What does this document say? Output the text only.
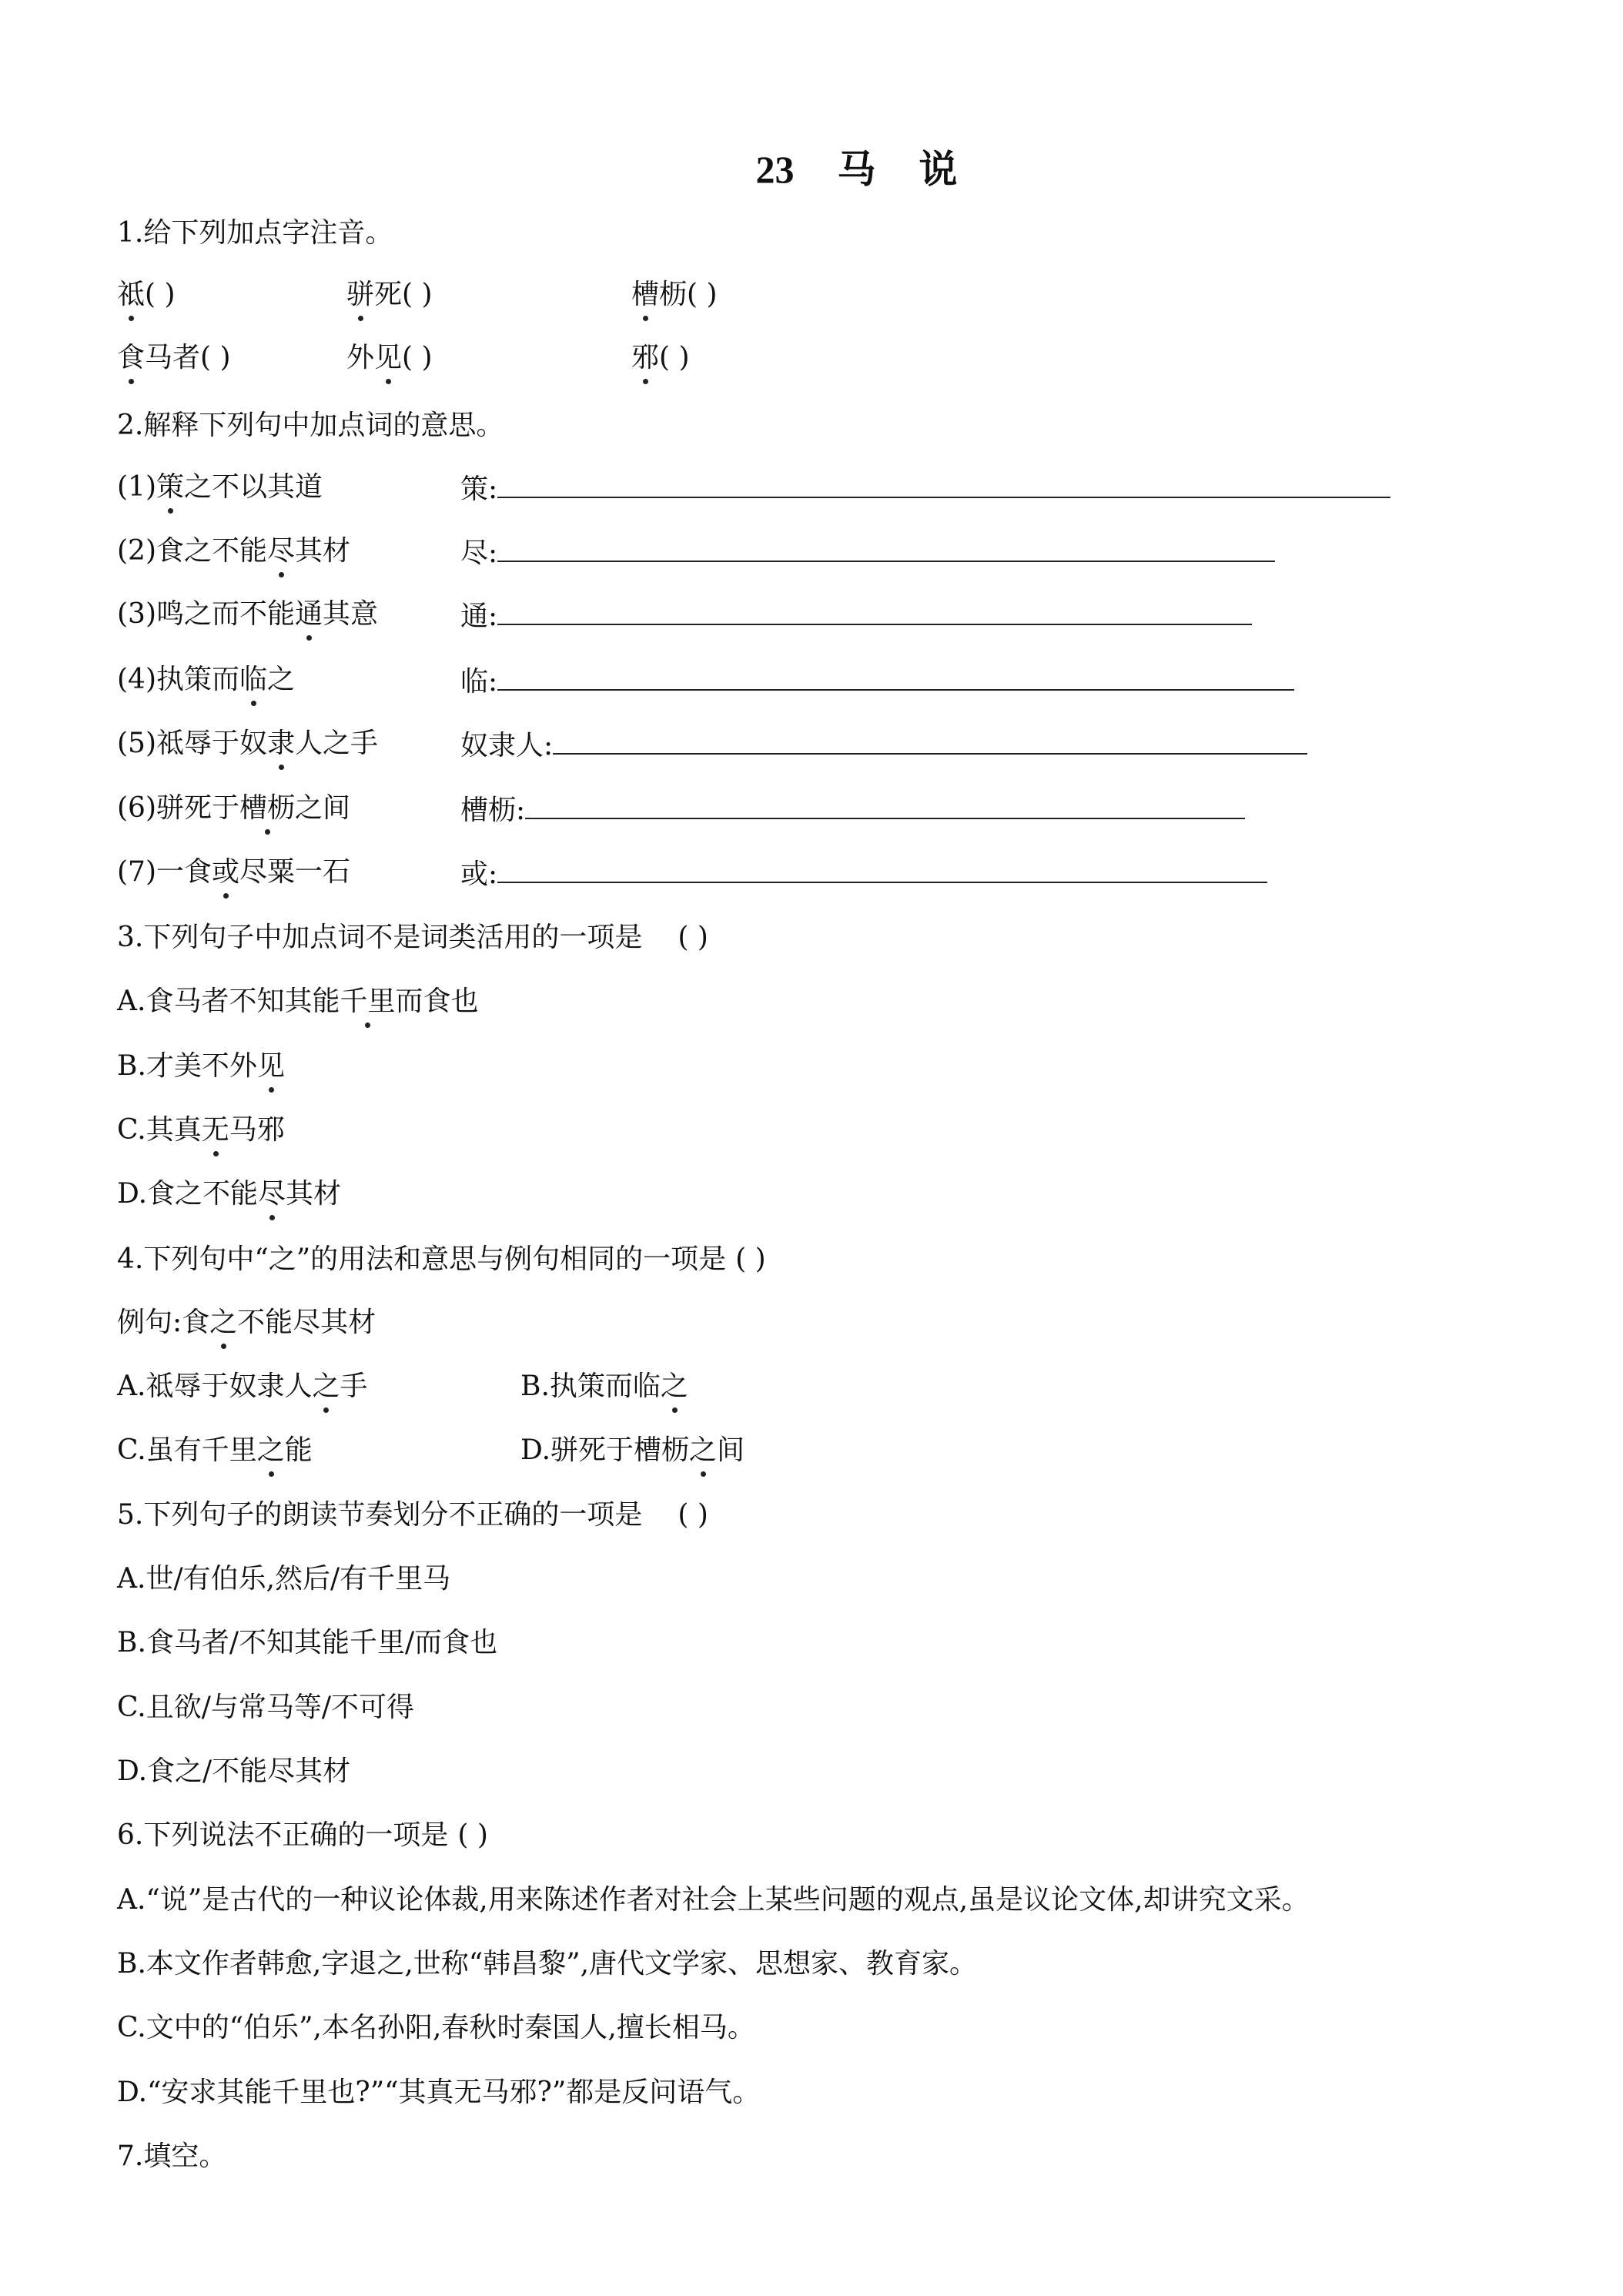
23 马 说
1.给下列加点字注音。
祗( )	骈死( )	槽枥( )
食马者( )	外见( )	邪( )
2.解释下列句中加点词的意思。
(1)策之不以其道	策:
(2)食之不能尽其材	尽:
(3)鸣之而不能通其意	通:
(4)执策而临之	临:
(5)祗辱于奴隶人之手	奴隶人:
(6)骈死于槽枥之间	槽枥:
(7)一食或尽粟一石	或:
3.下列句子中加点词不是词类活用的一项是 ( )
A.食马者不知其能千里而食也
B.才美不外见
C.其真无马邪
D.食之不能尽其材
4.下列句中“之”的用法和意思与例句相同的一项是 ( )
例句:食之不能尽其材
A.祗辱于奴隶人之手	B.执策而临之
C.虽有千里之能	D.骈死于槽枥之间
5.下列句子的朗读节奏划分不正确的一项是 ( )
A.世/有伯乐,然后/有千里马
B.食马者/不知其能千里/而食也
C.且欲/与常马等/不可得
D.食之/不能尽其材
6.下列说法不正确的一项是 ( )
A.“说”是古代的一种议论体裁,用来陈述作者对社会上某些问题的观点,虽是议论文体,却讲究文采。
B.本文作者韩愈,字退之,世称“韩昌黎”,唐代文学家、思想家、教育家。
C.文中的“伯乐”,本名孙阳,春秋时秦国人,擅长相马。
D.“安求其能千里也?”“其真无马邪?”都是反问语气。
7.填空。
